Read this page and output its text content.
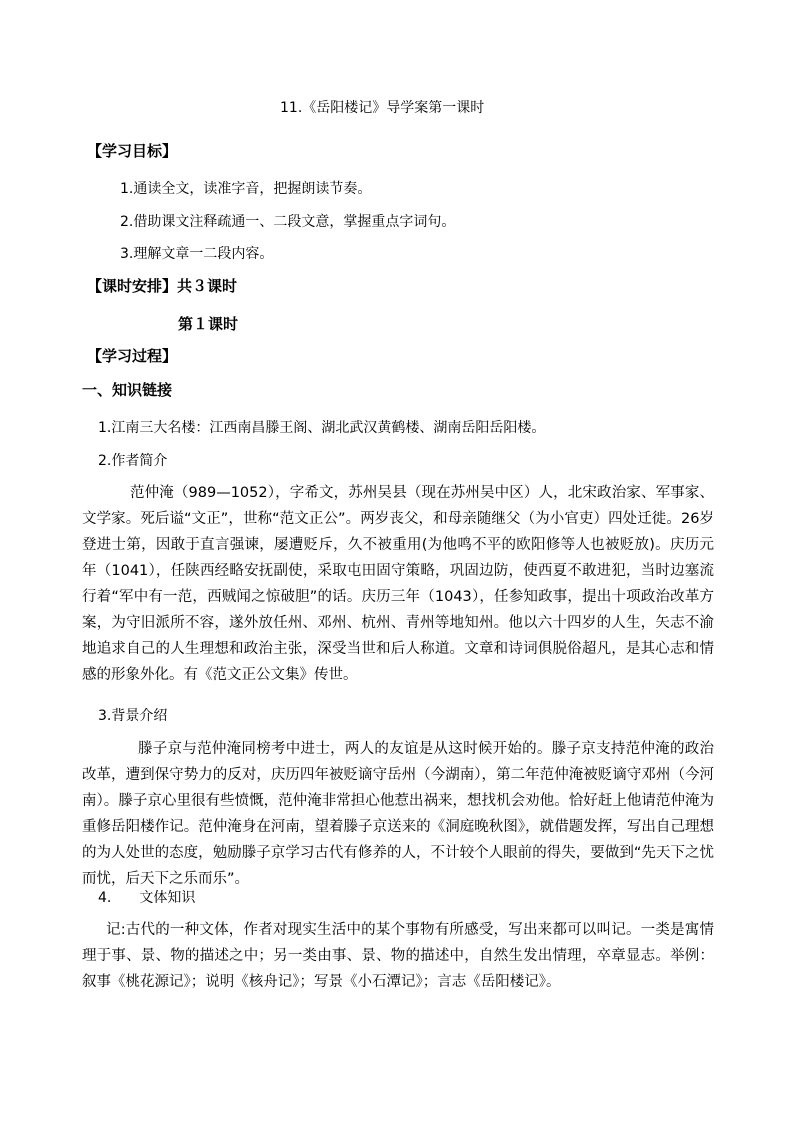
11.《岳阳楼记》导学案第一课时
【学习目标】
1.通读全文，读准字音，把握朗读节奏。
2.借助课文注释疏通一、二段文意，掌握重点字词句。
3.理解文章一二段内容。
【课时安排】共３课时
第１课时
【学习过程】
一、知识链接
1.江南三大名楼：江西南昌滕王阁、湖北武汉黄鹤楼、湖南岳阳岳阳楼。
2.作者简介

范仲淹（989—1052），字希文，苏州吴县（现在苏州吴中区）人，北宋政治家、军事家、文学家。死后谥“文正”，世称“范文正公”。两岁丧父，和母亲随继父（为小官吏）四处迁徙。26岁登进士第，因敢于直言强谏，屡遭贬斥，久不被重用(为他鸣不平的欧阳修等人也被贬放)。庆历元年（1041），任陕西经略安抚副使，采取屯田固守策略，巩固边防，使西夏不敢进犯，当时边塞流行着“军中有一范，西贼闻之惊破胆”的话。庆历三年（1043），任参知政事，提出十项政治改革方案，为守旧派所不容，遂外放任州、邓州、杭州、青州等地知州。他以六十四岁的人生，矢志不渝地追求自己的人生理想和政治主张，深受当世和后人称道。文章和诗词俱脱俗超凡，是其心志和情感的形象外化。有《范文正公文集》传世。

3.背景介绍

滕子京与范仲淹同榜考中进士，两人的友谊是从这时候开始的。滕子京支持范仲淹的政治改革，遭到保守势力的反对，庆历四年被贬谪守岳州（今湖南），第二年范仲淹被贬谪守邓州（今河南）。滕子京心里很有些愤慨，范仲淹非常担心他惹出祸来，想找机会劝他。恰好赶上他请范仲淹为重修岳阳楼作记。范仲淹身在河南，望着滕子京送来的《洞庭晚秋图》，就借题发挥，写出自己理想的为人处世的态度，勉励滕子京学习古代有修养的人，不计较个人眼前的得失，要做到“先天下之忧而忧，后天下之乐而乐”。

4.　　文体知识

记:古代的一种文体，作者对现实生活中的某个事物有所感受，写出来都可以叫记。一类是寓情理于事、景、物的描述之中；另一类由事、景、物的描述中，自然生发出情理，卒章显志。举例：叙事《桃花源记》；说明《核舟记》；写景《小石潭记》；言志《岳阳楼记》。
